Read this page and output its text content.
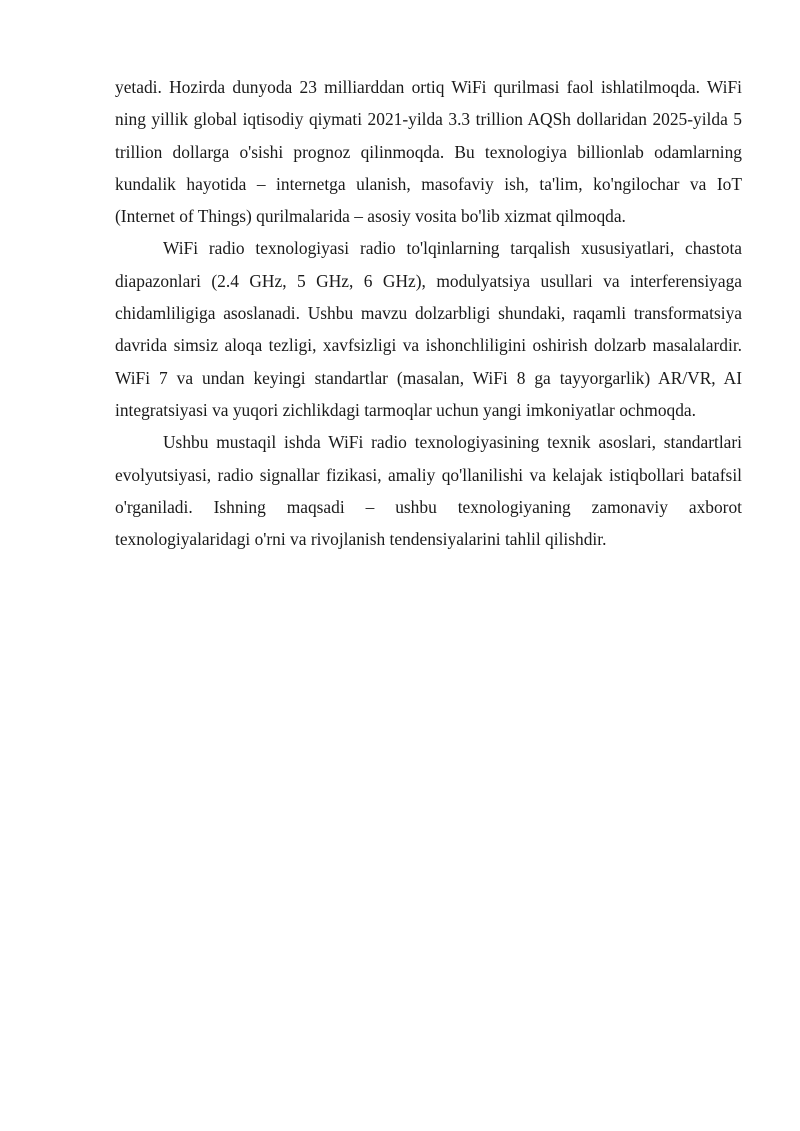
yetadi. Hozirda dunyoda 23 milliarddan ortiq WiFi qurilmasi faol ishlatilmoqda. WiFi ning yillik global iqtisodiy qiymati 2021-yilda 3.3 trillion AQSh dollaridan 2025-yilda 5 trillion dollarga o'sishi prognoz qilinmoqda. Bu texnologiya billionlab odamlarning kundalik hayotida – internetga ulanish, masofaviy ish, ta'lim, ko'ngilochar va IoT (Internet of Things) qurilmalarida – asosiy vosita bo'lib xizmat qilmoqda.

WiFi radio texnologiyasi radio to'lqinlarning tarqalish xususiyatlari, chastota diapazonlari (2.4 GHz, 5 GHz, 6 GHz), modulyatsiya usullari va interferensiyaga chidamliligiga asoslanadi. Ushbu mavzu dolzarbligi shundaki, raqamli transformatsiya davrida simsiz aloqa tezligi, xavfsizligi va ishonchliligini oshirish dolzarb masalalardir. WiFi 7 va undan keyingi standartlar (masalan, WiFi 8 ga tayyorgarlik) AR/VR, AI integratsiyasi va yuqori zichlikdagi tarmoqlar uchun yangi imkoniyatlar ochmoqda.

Ushbu mustaqil ishda WiFi radio texnologiyasining texnik asoslari, standartlari evolyutsiyasi, radio signallar fizikasi, amaliy qo'llanilishi va kelajak istiqbollari batafsil o'rganiladi. Ishning maqsadi – ushbu texnologiyaning zamonaviy axborot texnologiyalaridagi o'rni va rivojlanish tendensiyalarini tahlil qilishdir.
